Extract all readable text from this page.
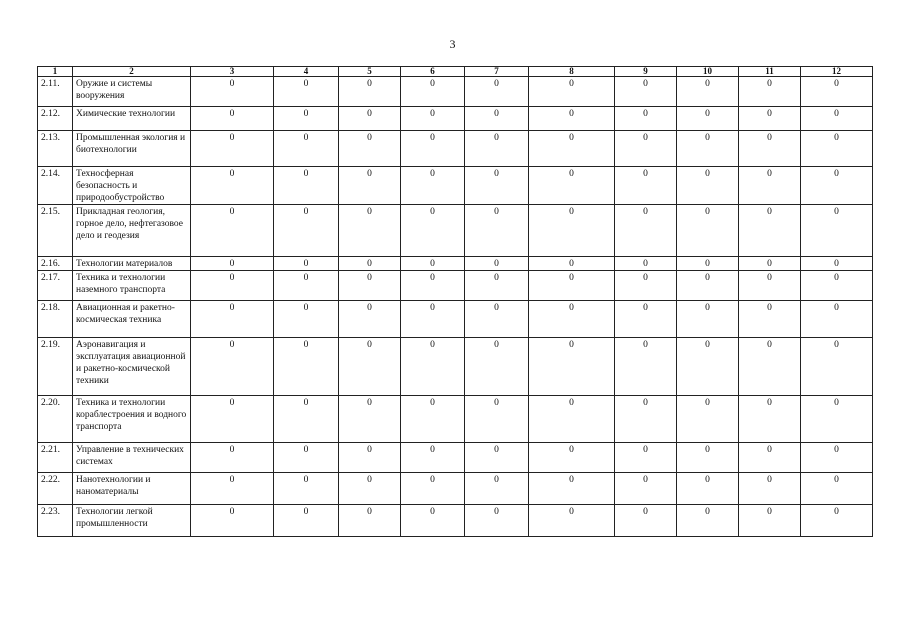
3
1	2	3	4	5	6	7	8	9	10	11	12
2.11.	Оружие и системы вооружения	0	0	0	0	0	0	0	0	0	0
2.12.	Химические технологии	0	0	0	0	0	0	0	0	0	0
2.13.	Промышленная экология и биотехнологии	0	0	0	0	0	0	0	0	0	0
2.14.	Техносферная безопасность и природообустройство	0	0	0	0	0	0	0	0	0	0
2.15.	Прикладная геология, горное дело, нефтегазовое дело и геодезия	0	0	0	0	0	0	0	0	0	0
2.16.	Технологии материалов	0	0	0	0	0	0	0	0	0	0
2.17.	Техника и технологии наземного транспорта	0	0	0	0	0	0	0	0	0	0
2.18.	Авиационная и ракетно-космическая техника	0	0	0	0	0	0	0	0	0	0
2.19.	Аэронавигация и эксплуатация авиационной и ракетно-космической техники	0	0	0	0	0	0	0	0	0	0
2.20.	Техника и технологии кораблестроения и водного транспорта	0	0	0	0	0	0	0	0	0	0
2.21.	Управление в технических системах	0	0	0	0	0	0	0	0	0	0
2.22.	Нанотехнологии и наноматериалы	0	0	0	0	0	0	0	0	0	0
2.23.	Технологии легкой промышленности	0	0	0	0	0	0	0	0	0	0
